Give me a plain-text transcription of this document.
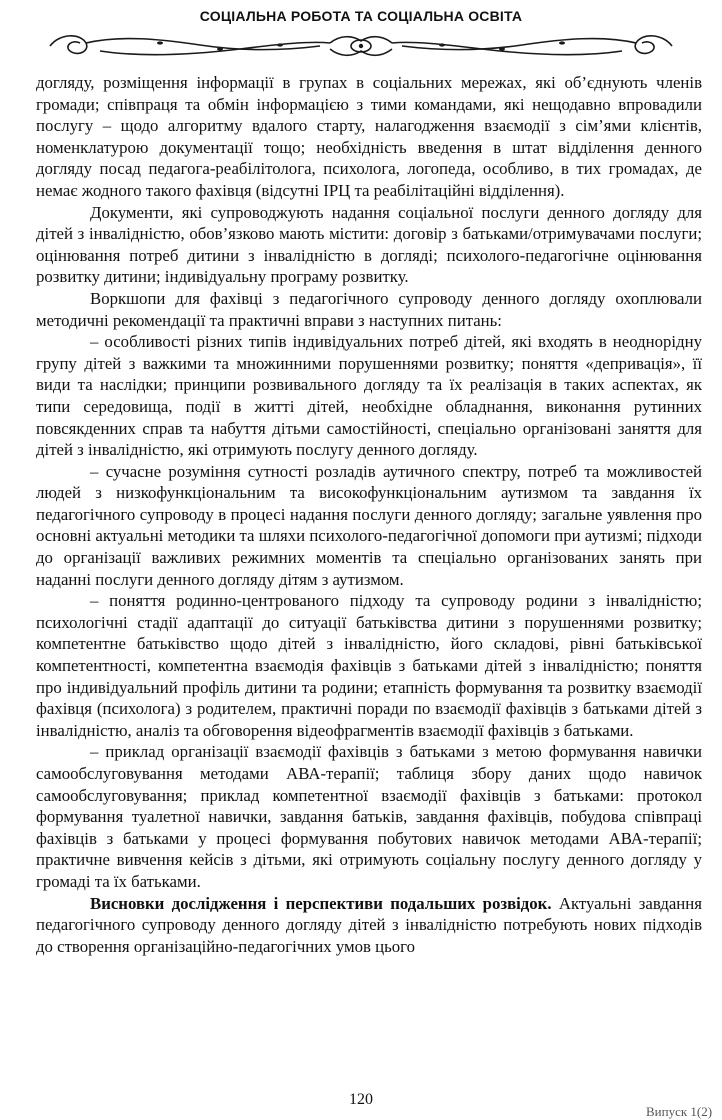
СОЦІАЛЬНА РОБОТА ТА СОЦІАЛЬНА ОСВІТА

догляду, розміщення інформації в групах в соціальних мережах, які об’єднують членів громади; співпраця та обмін інформацією з тими командами, які нещодавно впровадили послугу – щодо алгоритму вдалого старту, налагодження взаємодії з сім’ями клієнтів, номенклатурою документації тощо; необхідність введення в штат відділення денного догляду посад педагога-реабілітолога, психолога, логопеда, особливо, в тих громадах, де немає жодного такого фахівця (відсутні ІРЦ та реабілітаційні відділення).

Документи, які супроводжують надання соціальної послуги денного догляду для дітей з інвалідністю, обов’язково мають містити: договір з батьками/отримувачами послуги; оцінювання потреб дитини з інвалідністю в догляді; психолого-педагогічне оцінювання розвитку дитини; індивідуальну програму розвитку.

Воркшопи для фахівці з педагогічного супроводу денного догляду охоплювали методичні рекомендації та практичні вправи з наступних питань:

– особливості різних типів індивідуальних потреб дітей, які входять в неоднорідну групу дітей з важкими та множинними порушеннями розвитку; поняття «депривація», її види та наслідки; принципи розвивального догляду та їх реалізація в таких аспектах, як типи середовища, події в житті дітей, необхідне обладнання, виконання рутинних повсякденних справ та набуття дітьми самостійності, спеціально організовані заняття для дітей з інвалідністю, які отримують послугу денного догляду.

– сучасне розуміння сутності розладів аутичного спектру, потреб та можливостей людей з низкофункціональним та високофункціональним аутизмом та завдання їх педагогічного супроводу в процесі надання послуги денного догляду; загальне уявлення про основні актуальні методики та шляхи психолого-педагогічної допомоги при аутизмі; підходи до організації важливих режимних моментів та спеціально організованих занять при наданні послуги денного догляду дітям з аутизмом.

– поняття родинно-центрованого підходу та супроводу родини з інвалідністю; психологічні стадії адаптації до ситуації батьківства дитини з порушеннями розвитку; компетентне батьківство щодо дітей з інвалідністю, його складові, рівні батьківської компетентності, компетентна взаємодія фахівців з батьками дітей з інвалідністю; поняття про індивідуальний профіль дитини та родини; етапність формування та розвитку взаємодії фахівця (психолога) з родителем, практичні поради по взаємодії фахівців з батьками дітей з інвалідністю, аналіз та обговорення відеофрагментів взаємодії фахівців з батьками.

– приклад організації взаємодії фахівців з батьками з метою формування навички самообслуговування методами АВА-терапії; таблиця збору даних щодо навичок самообслуговування; приклад компетентної взаємодії фахівців з батьками: протокол формування туалетної навички, завдання батьків, завдання фахівців, побудова співпраці фахівців з батьками у процесі формування побутових навичок методами АВА-терапії; практичне вивчення кейсів з дітьми, які отримують соціальну послугу денного догляду у громаді та їх батьками.

Висновки дослідження і перспективи подальших розвідок. Актуальні завдання педагогічного супроводу денного догляду дітей з інвалідністю потребують нових підходів до створення організаційно-педагогічних умов цього

120
Випуск 1(2)
